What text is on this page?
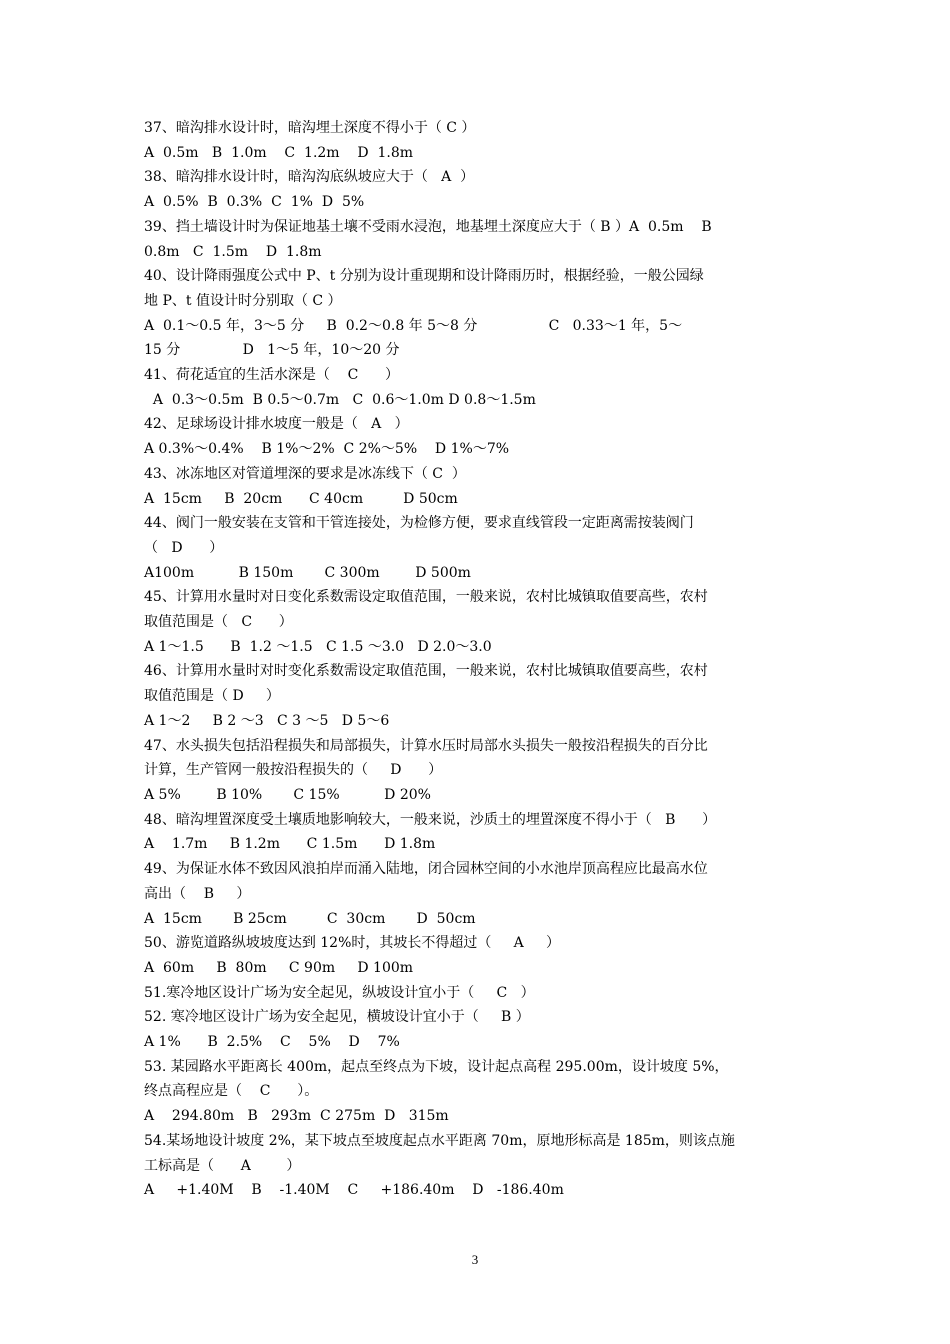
37、暗沟排水设计时，暗沟埋土深度不得小于（ C ）

A  0.5m   B  1.0m    C  1.2m    D  1.8m

38、暗沟排水设计时，暗沟沟底纵坡应大于（   A  ）

A  0.5%  B  0.3%  C  1%  D  5%

39、挡土墙设计时为保证地基土壤不受雨水浸泡，地基埋土深度应大于（ B ）A  0.5m    B

0.8m   C  1.5m    D  1.8m

40、设计降雨强度公式中 P、t 分别为设计重现期和设计降雨历时，根据经验，一般公园绿

地 P、t 值设计时分别取（ C ）

A  0.1～0.5 年，3～5 分     B  0.2～0.8 年 5～8 分                C   0.33～1 年，5～

15 分              D   1～5 年，10～20 分

41、荷花适宜的生活水深是（    C      ）

A  0.3～0.5m  B 0.5～0.7m   C  0.6～1.0m D 0.8～1.5m

42、足球场设计排水坡度一般是（   A   ）

A 0.3%～0.4%    B 1%～2%  C 2%～5%    D 1%～7%

43、冰冻地区对管道埋深的要求是冰冻线下（ C  ）

A  15cm     B  20cm      C 40cm         D 50cm

44、阀门一般安装在支管和干管连接处，为检修方便，要求直线管段一定距离需按装阀门

（   D      ）

A100m          B 150m       C 300m        D 500m

45、计算用水量时对日变化系数需设定取值范围，一般来说，农村比城镇取值要高些，农村

取值范围是（   C      ）

A 1～1.5      B  1.2 ～1.5   C 1.5 ～3.0   D 2.0～3.0

46、计算用水量时对时变化系数需设定取值范围，一般来说，农村比城镇取值要高些，农村

取值范围是（ D     ）

A 1～2     B 2 ～3   C 3 ～5   D 5～6

47、水头损失包括沿程损失和局部损失，计算水压时局部水头损失一般按沿程损失的百分比

计算，生产管网一般按沿程损失的（     D      ）

A 5%        B 10%       C 15%          D 20%

48、暗沟埋置深度受土壤质地影响较大，一般来说，沙质土的埋置深度不得小于（   B      ）

A    1.7m     B 1.2m      C 1.5m      D 1.8m

49、为保证水体不致因风浪拍岸而涌入陆地，闭合园林空间的小水池岸顶高程应比最高水位

高出（    B     ）

A  15cm       B 25cm         C  30cm       D  50cm

50、游览道路纵坡坡度达到 12%时，其坡长不得超过（     A     ）

A  60m     B  80m     C 90m     D 100m

51.寒冷地区设计广场为安全起见，纵坡设计宜小于（     C   ）

52. 寒冷地区设计广场为安全起见，横坡设计宜小于（     B ）

A 1%      B  2.5%    C    5%    D    7%

53. 某园路水平距离长 400m，起点至终点为下坡，设计起点高程 295.00m，设计坡度 5%，

终点高程应是（    C      ）。

A    294.80m   B   293m  C 275m  D   315m

54.某场地设计坡度 2%，某下坡点至坡度起点水平距离 70m，原地形标高是 185m，则该点施

工标高是（      A        ）

A     +1.40M    B    -1.40M    C     +186.40m    D   -186.40m

3
